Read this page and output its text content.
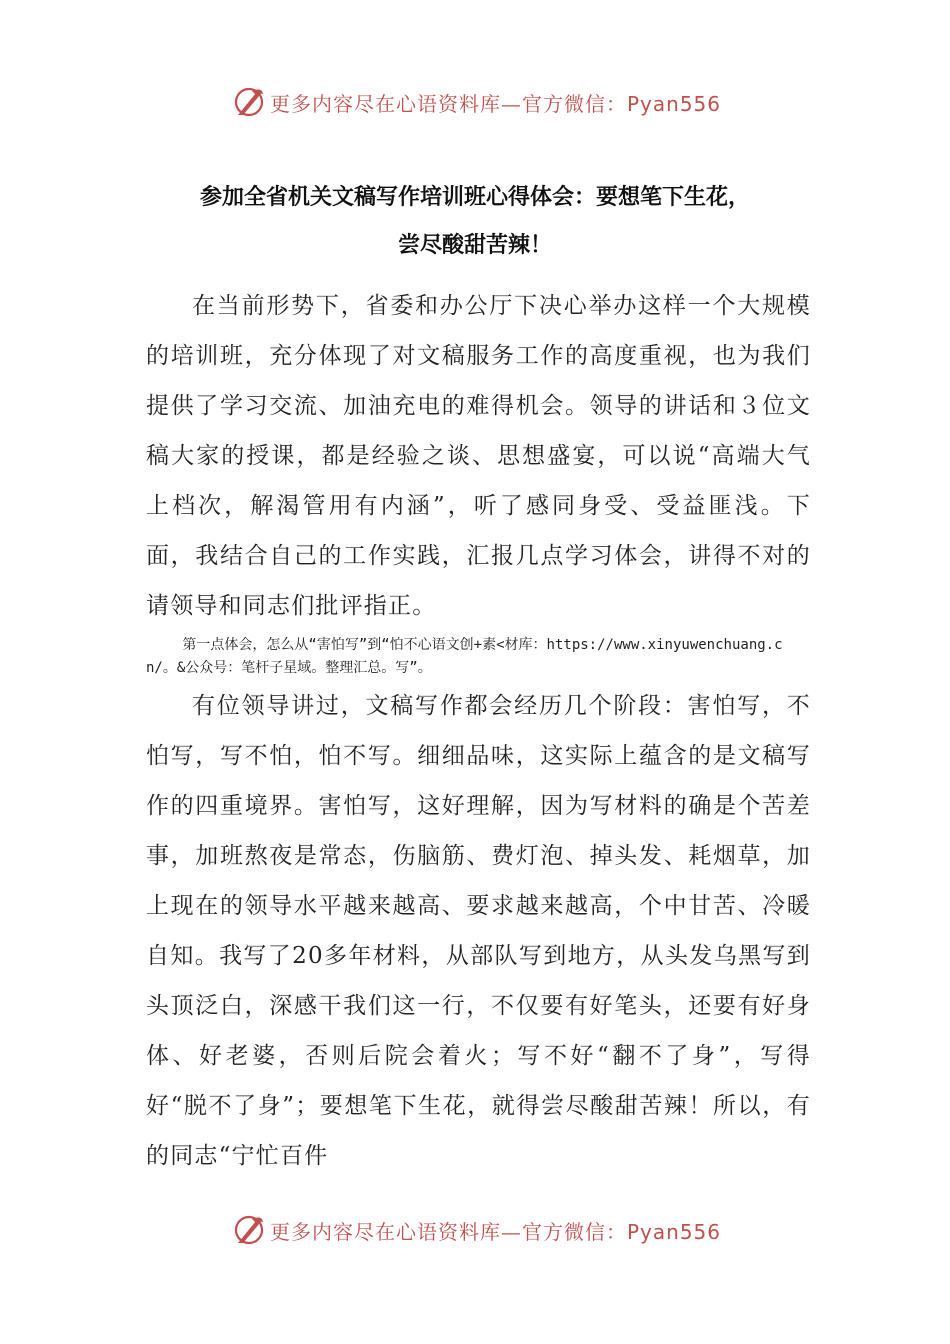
更多内容尽在心语资料库—官方微信：Pyan556
参加全省机关文稿写作培训班心得体会：要想笔下生花，
尝尽酸甜苦辣！

在当前形势下，省委和办公厅下决心举办这样一个大规模的培训班，充分体现了对文稿服务工作的高度重视，也为我们提供了学习交流、加油充电的难得机会。领导的讲话和３位文稿大家的授课，都是经验之谈、思想盛宴，可以说“高端大气上档次，解渴管用有内涵”，听了感同身受、受益匪浅。下面，我结合自己的工作实践，汇报几点学习体会，讲得不对的请领导和同志们批评指正。

第一点体会，怎么从“害怕写”到“怕不心语文创+素<材库：https://www.xinyuwenchuang.cn/。&公众号：笔杆子星域。整理汇总。写”。

有位领导讲过，文稿写作都会经历几个阶段：害怕写，不怕写，写不怕，怕不写。细细品味，这实际上蕴含的是文稿写作的四重境界。害怕写，这好理解，因为写材料的确是个苦差事，加班熬夜是常态，伤脑筋、费灯泡、掉头发、耗烟草，加上现在的领导水平越来越高、要求越来越高，个中甘苦、冷暖自知。我写了20多年材料，从部队写到地方，从头发乌黑写到头顶泛白，深感干我们这一行，不仅要有好笔头，还要有好身体、好老婆，否则后院会着火；写不好“翻不了身”，写得好“脱不了身”；要想笔下生花，就得尝尽酸甜苦辣！所以，有的同志“宁忙百件

更多内容尽在心语资料库—官方微信：Pyan556
